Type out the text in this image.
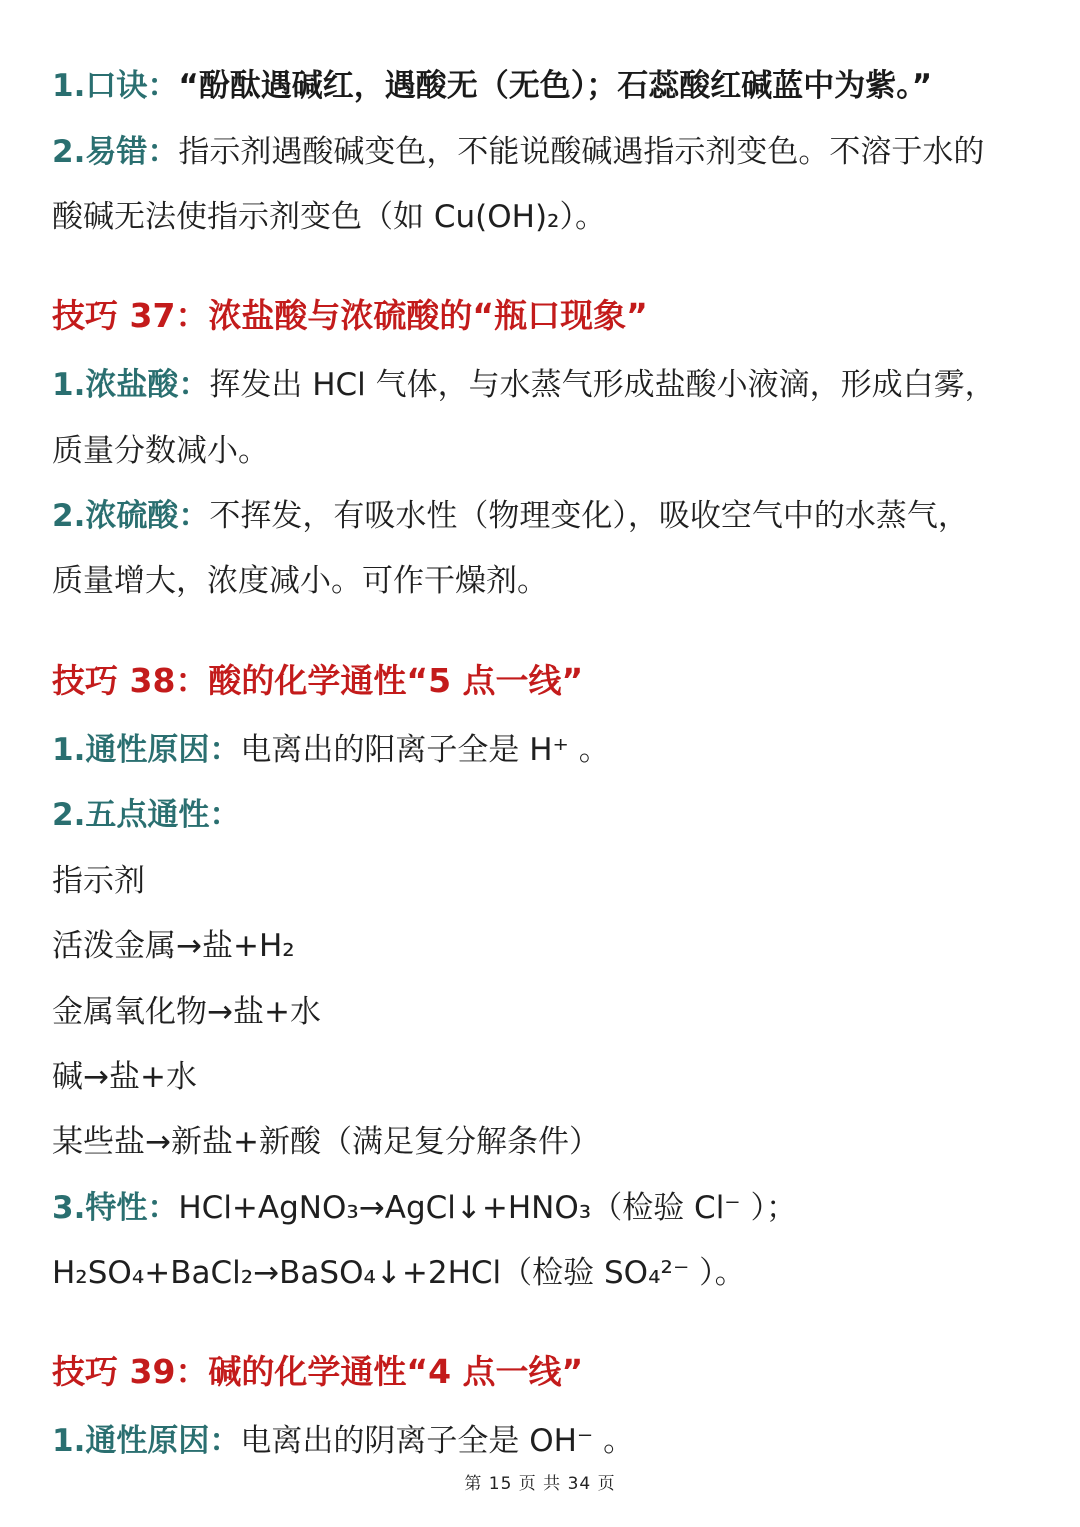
1.口诀：“酚酞遇碱红，遇酸无（无色）；石蕊酸红碱蓝中为紫。”
2.易错：指示剂遇酸碱变色，不能说酸碱遇指示剂变色。不溶于水的
酸碱无法使指示剂变色（如 Cu(OH)₂）。
技巧 37：浓盐酸与浓硫酸的“瓶口现象”
1.浓盐酸：挥发出 HCl 气体，与水蒸气形成盐酸小液滴，形成白雾，
质量分数减小。
2.浓硫酸：不挥发，有吸水性（物理变化），吸收空气中的水蒸气，
质量增大，浓度减小。可作干燥剂。
技巧 38：酸的化学通性“5 点一线”
1.通性原因：电离出的阳离子全是 H⁺ 。
2.五点通性：
指示剂
活泼金属→盐+H₂
金属氧化物→盐+水
碱→盐+水
某些盐→新盐+新酸（满足复分解条件）
3.特性：HCl+AgNO₃→AgCl↓+HNO₃（检验 Cl⁻ ）；
H₂SO₄+BaCl₂→BaSO₄↓+2HCl（检验 SO₄²⁻ ）。
技巧 39：碱的化学通性“4 点一线”
1.通性原因：电离出的阴离子全是 OH⁻ 。
第 15 页 共 34 页
